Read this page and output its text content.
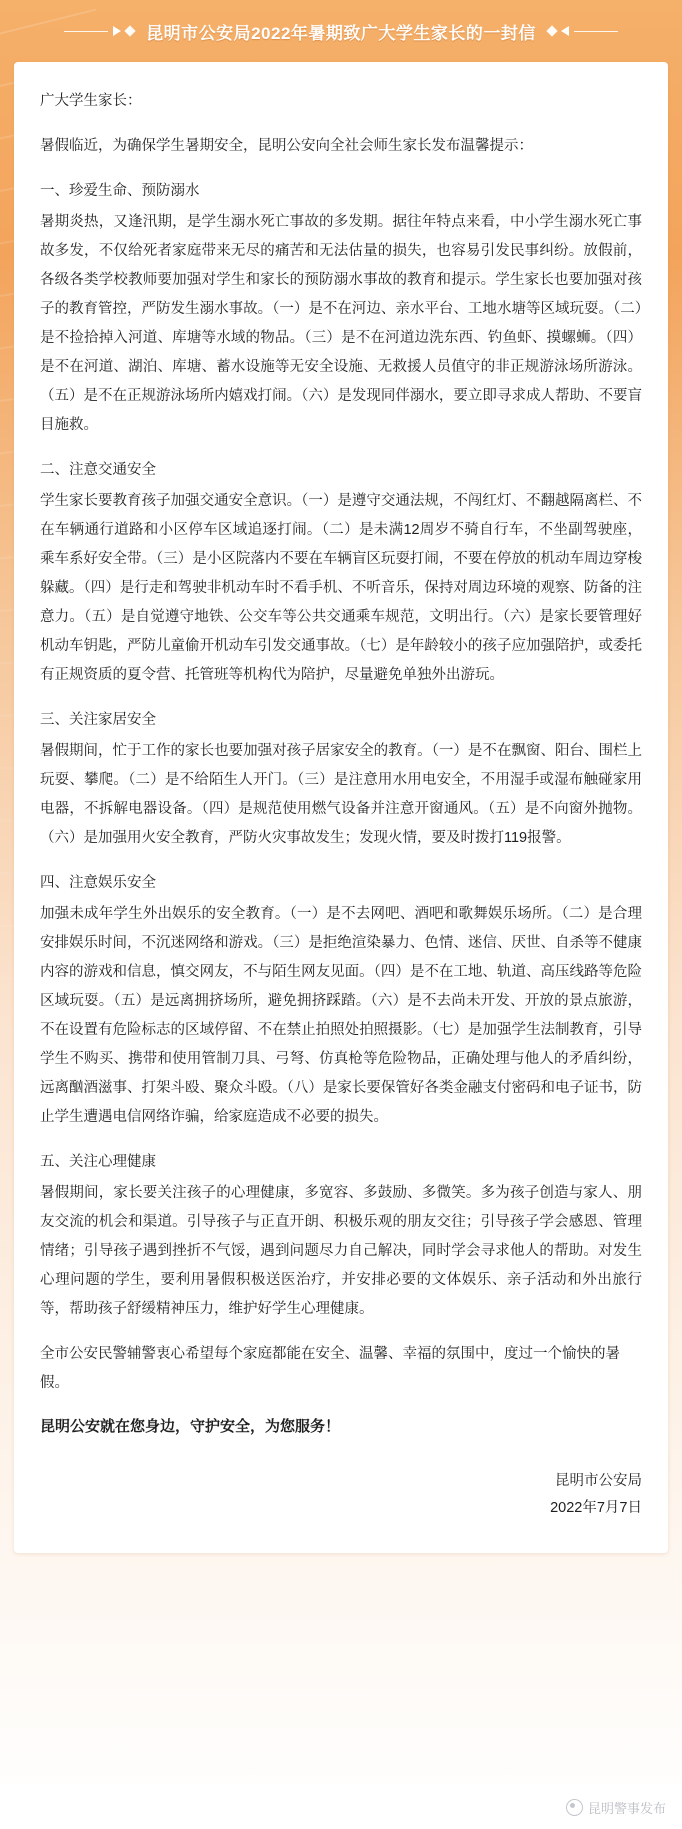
昆明市公安局2022年暑期致广大学生家长的一封信

广大学生家长：

暑假临近，为确保学生暑期安全，昆明公安向全社会师生家长发布温馨提示：

一、珍爱生命、预防溺水

暑期炎热，又逢汛期，是学生溺水死亡事故的多发期。据往年特点来看，中小学生溺水死亡事故多发，不仅给死者家庭带来无尽的痛苦和无法估量的损失，也容易引发民事纠纷。放假前，各级各类学校教师要加强对学生和家长的预防溺水事故的教育和提示。学生家长也要加强对孩子的教育管控，严防发生溺水事故。（一）是不在河边、亲水平台、工地水塘等区域玩耍。（二）是不捡拾掉入河道、库塘等水域的物品。（三）是不在河道边洗东西、钓鱼虾、摸螺蛳。（四）是不在河道、湖泊、库塘、蓄水设施等无安全设施、无救援人员值守的非正规游泳场所游泳。（五）是不在正规游泳场所内嬉戏打闹。（六）是发现同伴溺水，要立即寻求成人帮助、不要盲目施救。

二、注意交通安全

学生家长要教育孩子加强交通安全意识。（一）是遵守交通法规，不闯红灯、不翻越隔离栏、不在车辆通行道路和小区停车区域追逐打闹。（二）是未满12周岁不骑自行车，不坐副驾驶座，乘车系好安全带。（三）是小区院落内不要在车辆盲区玩耍打闹，不要在停放的机动车周边穿梭躲藏。（四）是行走和驾驶非机动车时不看手机、不听音乐，保持对周边环境的观察、防备的注意力。（五）是自觉遵守地铁、公交车等公共交通乘车规范，文明出行。（六）是家长要管理好机动车钥匙，严防儿童偷开机动车引发交通事故。（七）是年龄较小的孩子应加强陪护，或委托有正规资质的夏令营、托管班等机构代为陪护，尽量避免单独外出游玩。

三、关注家居安全

暑假期间，忙于工作的家长也要加强对孩子居家安全的教育。（一）是不在飘窗、阳台、围栏上玩耍、攀爬。（二）是不给陌生人开门。（三）是注意用水用电安全，不用湿手或湿布触碰家用电器，不拆解电器设备。（四）是规范使用燃气设备并注意开窗通风。（五）是不向窗外抛物。（六）是加强用火安全教育，严防火灾事故发生；发现火情，要及时拨打119报警。

四、注意娱乐安全

加强未成年学生外出娱乐的安全教育。（一）是不去网吧、酒吧和歌舞娱乐场所。（二）是合理安排娱乐时间，不沉迷网络和游戏。（三）是拒绝渲染暴力、色情、迷信、厌世、自杀等不健康内容的游戏和信息，慎交网友，不与陌生网友见面。（四）是不在工地、轨道、高压线路等危险区域玩耍。（五）是远离拥挤场所，避免拥挤踩踏。（六）是不去尚未开发、开放的景点旅游，不在设置有危险标志的区域停留、不在禁止拍照处拍照摄影。（七）是加强学生法制教育，引导学生不购买、携带和使用管制刀具、弓弩、仿真枪等危险物品，正确处理与他人的矛盾纠纷，远离酗酒滋事、打架斗殴、聚众斗殴。（八）是家长要保管好各类金融支付密码和电子证书，防止学生遭遇电信网络诈骗，给家庭造成不必要的损失。

五、关注心理健康

暑假期间，家长要关注孩子的心理健康，多宽容、多鼓励、多微笑。多为孩子创造与家人、朋友交流的机会和渠道。引导孩子与正直开朗、积极乐观的朋友交往；引导孩子学会感恩、管理情绪；引导孩子遇到挫折不气馁，遇到问题尽力自己解决，同时学会寻求他人的帮助。对发生心理问题的学生，要利用暑假积极送医治疗，并安排必要的文体娱乐、亲子活动和外出旅行等，帮助孩子舒缓精神压力，维护好学生心理健康。

全市公安民警辅警衷心希望每个家庭都能在安全、温馨、幸福的氛围中，度过一个愉快的暑假。

昆明公安就在您身边，守护安全，为您服务！

昆明市公安局
2022年7月7日
昆明警事发布
